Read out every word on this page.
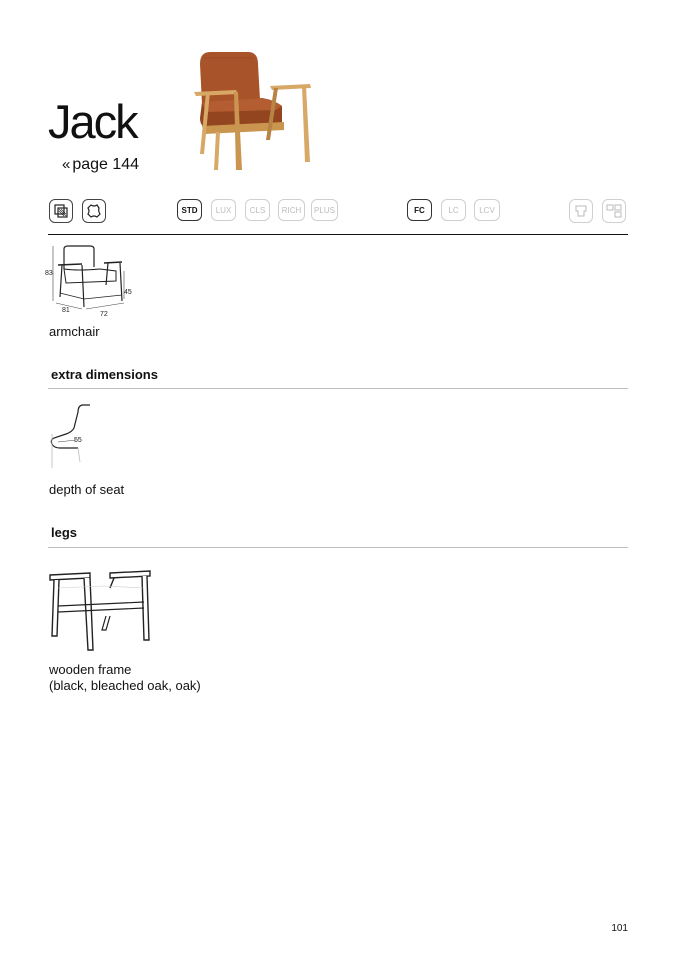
Jack
« page 144
STD	LUX	CLS	RICH	PLUS	FC	LC	LCV
83
45
81
72
armchair
extra dimensions
55
depth of seat
legs
wooden frame
(black, bleached oak, oak)
101
